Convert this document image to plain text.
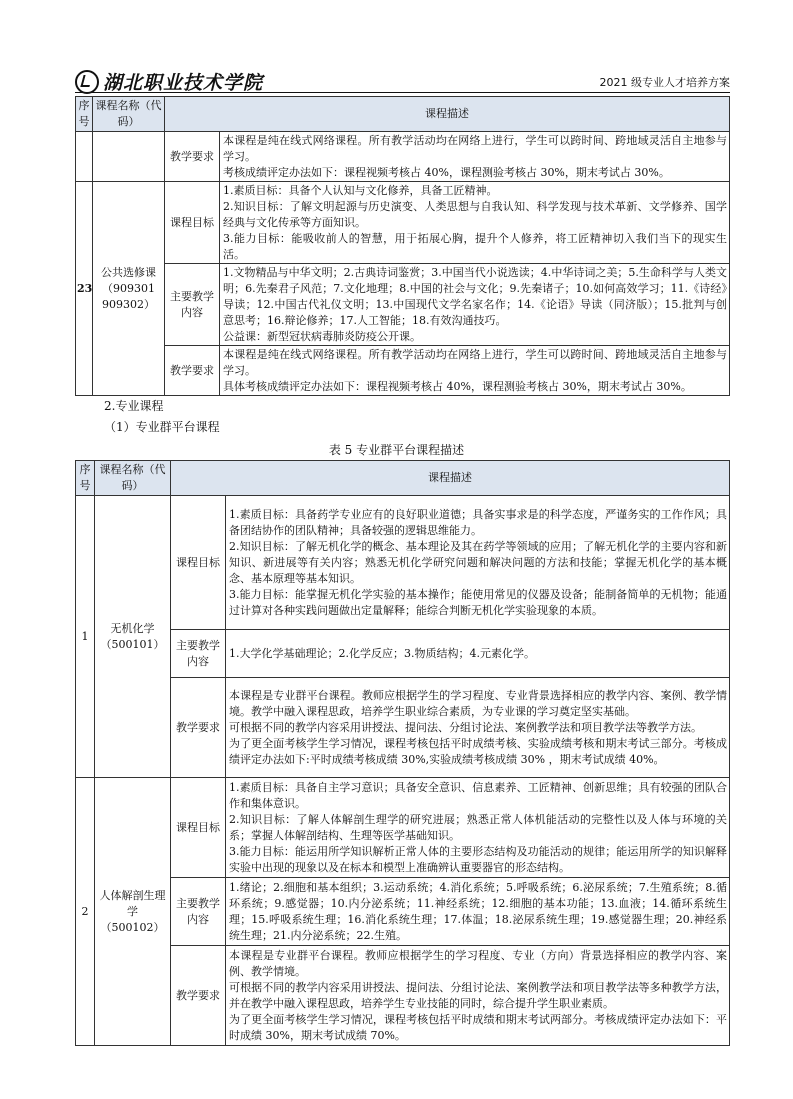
湖北职业技术学院	2021 级专业人才培养方案
序号	课程名称（代码）	课程描述	
		教学要求	本课程是纯在线式网络课程。所有教学活动均在网络上进行，学生可以跨时间、跨地域灵活自主地参与学习。
考核成绩评定办法如下：课程视频考核占 40%，课程测验考核占 30%，期末考试占 30%。

23	公共选修课（909301 909302）	课程目标	1.素质目标：具备个人认知与文化修养，具备工匠精神。
2.知识目标：了解文明起源与历史演变、人类思想与自我认知、科学发现与技术革新、文学修养、国学经典与文化传承等方面知识。
3.能力目标：能吸收前人的智慧，用于拓展心胸，提升个人修养，将工匠精神切入我们当下的现实生活。

		主要教学内容	1.文物精品与中华文明；2.古典诗词鉴赏；3.中国当代小说选读；4.中华诗词之美；5.生命科学与人类文明；6.先秦君子风范；7.文化地理；8.中国的社会与文化；9.先秦诸子；10.如何高效学习；11.《诗经》导读；12.中国古代礼仪文明；13.中国现代文学名家名作；14.《论语》导读（同济版）；15.批判与创意思考；16.辩论修养；17.人工智能；18.有效沟通技巧。
公益课：新型冠状病毒肺炎防疫公开课。

		教学要求	本课程是纯在线式网络课程。所有教学活动均在网络上进行，学生可以跨时间、跨地域灵活自主地参与学习。
具体考核成绩评定办法如下：课程视频考核占 40%，课程测验考核占 30%，期末考试占 30%。
2.专业课程
（1）专业群平台课程
表 5 专业群平台课程描述
序号	课程名称（代码）	课程描述	
1	无机化学
（500101）	课程目标	1.素质目标：具备药学专业应有的良好职业道德；具备实事求是的科学态度，严谨务实的工作作风；具备团结协作的团队精神；具备较强的逻辑思维能力。
2.知识目标：了解无机化学的概念、基本理论及其在药学等领域的应用；了解无机化学的主要内容和新知识、新进展等有关内容；熟悉无机化学研究问题和解决问题的方法和技能；掌握无机化学的基本概念、基本原理等基本知识。
3.能力目标：能掌握无机化学实验的基本操作；能使用常见的仪器及设备；能制备简单的无机物；能通过计算对各种实践问题做出定量解释；能综合判断无机化学实验现象的本质。

		主要教学内容	1.大学化学基础理论；2.化学反应；3.物质结构；4.元素化学。

		教学要求	本课程是专业群平台课程。教师应根据学生的学习程度、专业背景选择相应的教学内容、案例、教学情境。教学中融入课程思政，培养学生职业综合素质，为专业课的学习奠定坚实基础。
可根据不同的教学内容采用讲授法、提问法、分组讨论法、案例教学法和项目教学法等教学方法。
为了更全面考核学生学习情况，课程考核包括平时成绩考核、实验成绩考核和期末考试三部分。考核成绩评定办法如下:平时成绩考核成绩 30%,实验成绩考核成绩 30% ，期末考试成绩 40%。

2	人体解剖生理学
（500102）	课程目标	1.素质目标：具备自主学习意识；具备安全意识、信息素养、工匠精神、创新思维；具有较强的团队合作和集体意识。
2.知识目标：了解人体解剖生理学的研究进展；熟悉正常人体机能活动的完整性以及人体与环境的关系；掌握人体解剖结构、生理等医学基础知识。
3.能力目标：能运用所学知识解析正常人体的主要形态结构及功能活动的规律；能运用所学的知识解释实验中出现的现象以及在标本和模型上准确辨认重要器官的形态结构。

		主要教学内容	1.绪论；2.细胞和基本组织；3.运动系统；4.消化系统；5.呼吸系统；6.泌尿系统；7.生殖系统；8.循环系统；9.感觉器；10.内分泌系统；11.神经系统；12.细胞的基本功能；13.血液；14.循环系统生理；15.呼吸系统生理；16.消化系统生理；17.体温；18.泌尿系统生理；19.感觉器生理；20.神经系统生理；21.内分泌系统；22.生殖。

		教学要求	本课程是专业群平台课程。教师应根据学生的学习程度、专业（方向）背景选择相应的教学内容、案例、教学情境。
可根据不同的教学内容采用讲授法、提问法、分组讨论法、案例教学法和项目教学法等多种教学方法，并在教学中融入课程思政，培养学生专业技能的同时，综合提升学生职业素质。
为了更全面考核学生学习情况，课程考核包括平时成绩和期末考试两部分。考核成绩评定办法如下：平时成绩 30%，期末考试成绩 70%。
